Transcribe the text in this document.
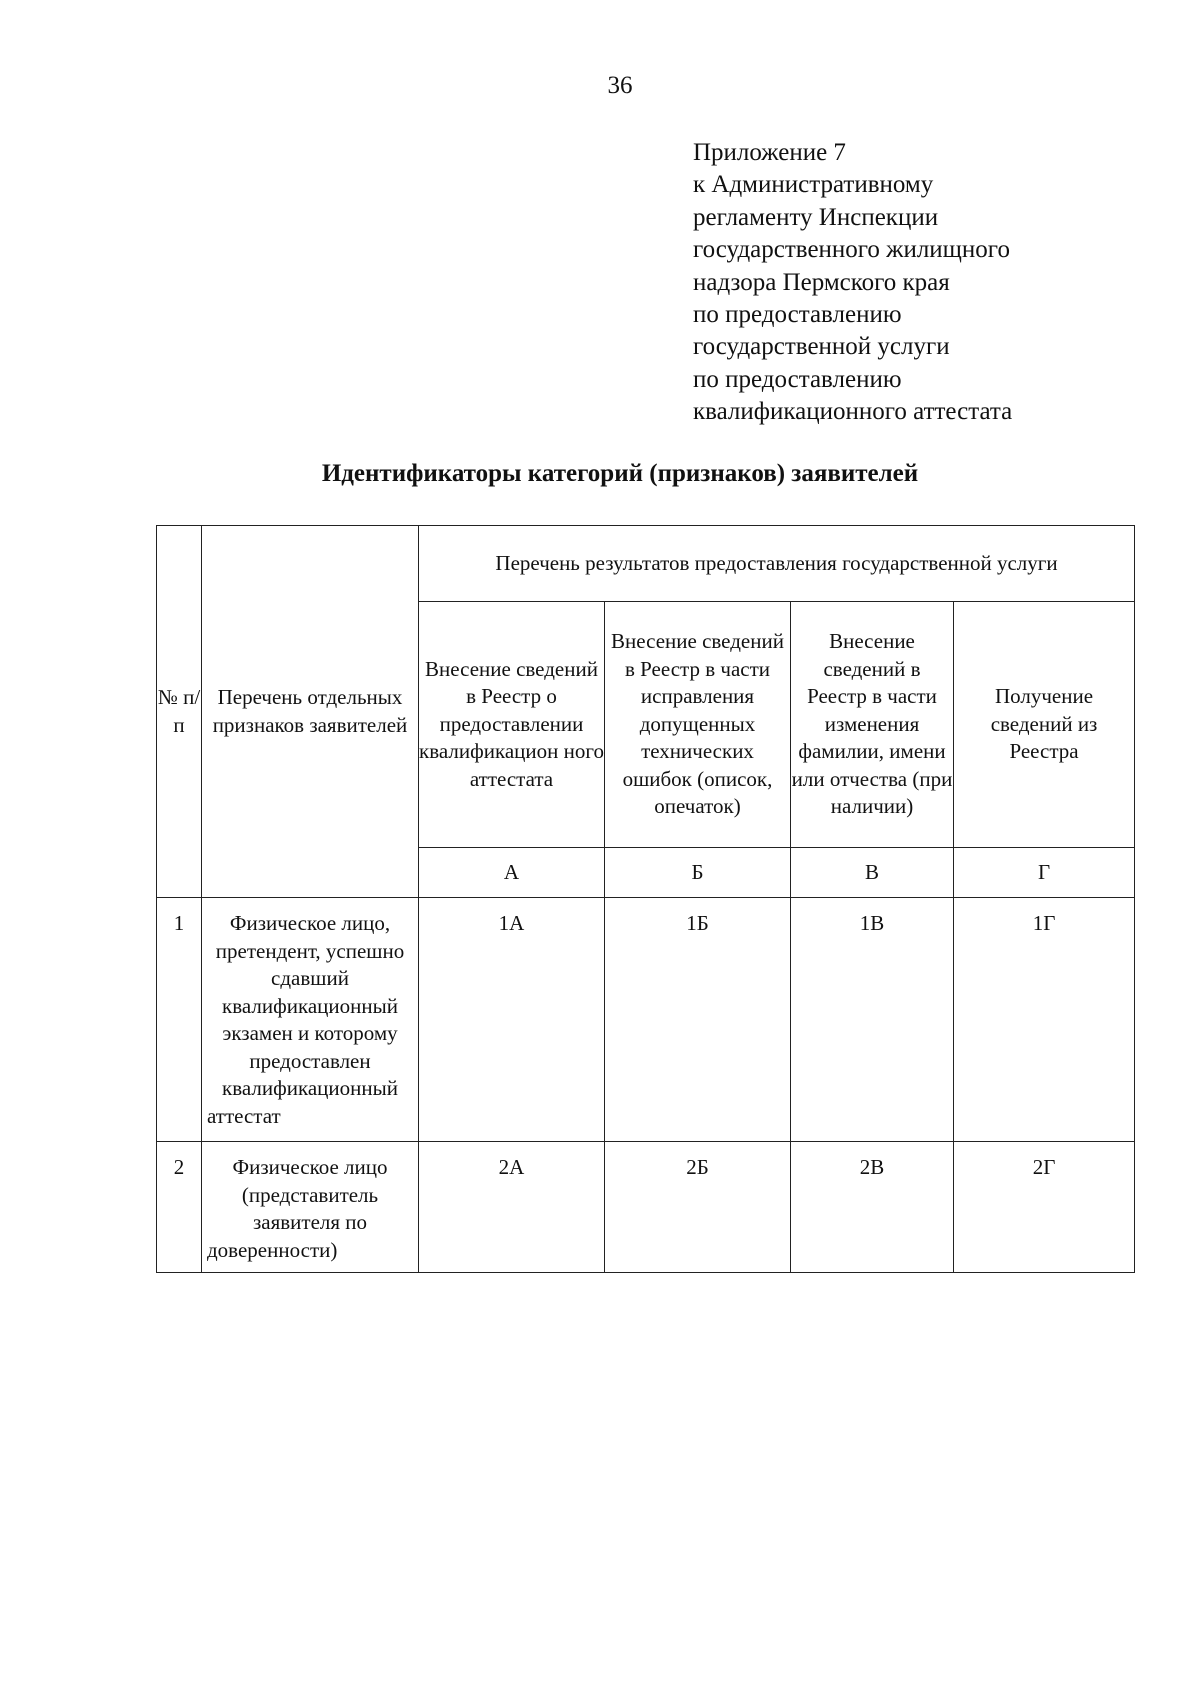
36
Приложение 7
к Административному
регламенту Инспекции
государственного жилищного
надзора Пермского края
по предоставлению
государственной услуги
по предоставлению
квалификационного аттестата
Идентификаторы категорий (признаков) заявителей
№ п/п	Перечень отдельных признаков заявителей	Перечень результатов предоставления государственной услуги			
		Внесение сведений в Реестр о предоставлении квалификацион ного аттестата	Внесение сведений в Реестр в части исправления допущенных технических ошибок (описок, опечаток)	Внесение сведений в Реестр в части изменения фамилии, имени или отчества (при наличии)	Получение сведений из Реестра
		А	Б	В	Г
1	Физическое лицо, претендент, успешно сдавший квалификационный экзамен и которому предоставлен квалификационный аттестат	1А	1Б	1В	1Г
2	Физическое лицо (представитель заявителя по доверенности)	2А	2Б	2В	2Г
